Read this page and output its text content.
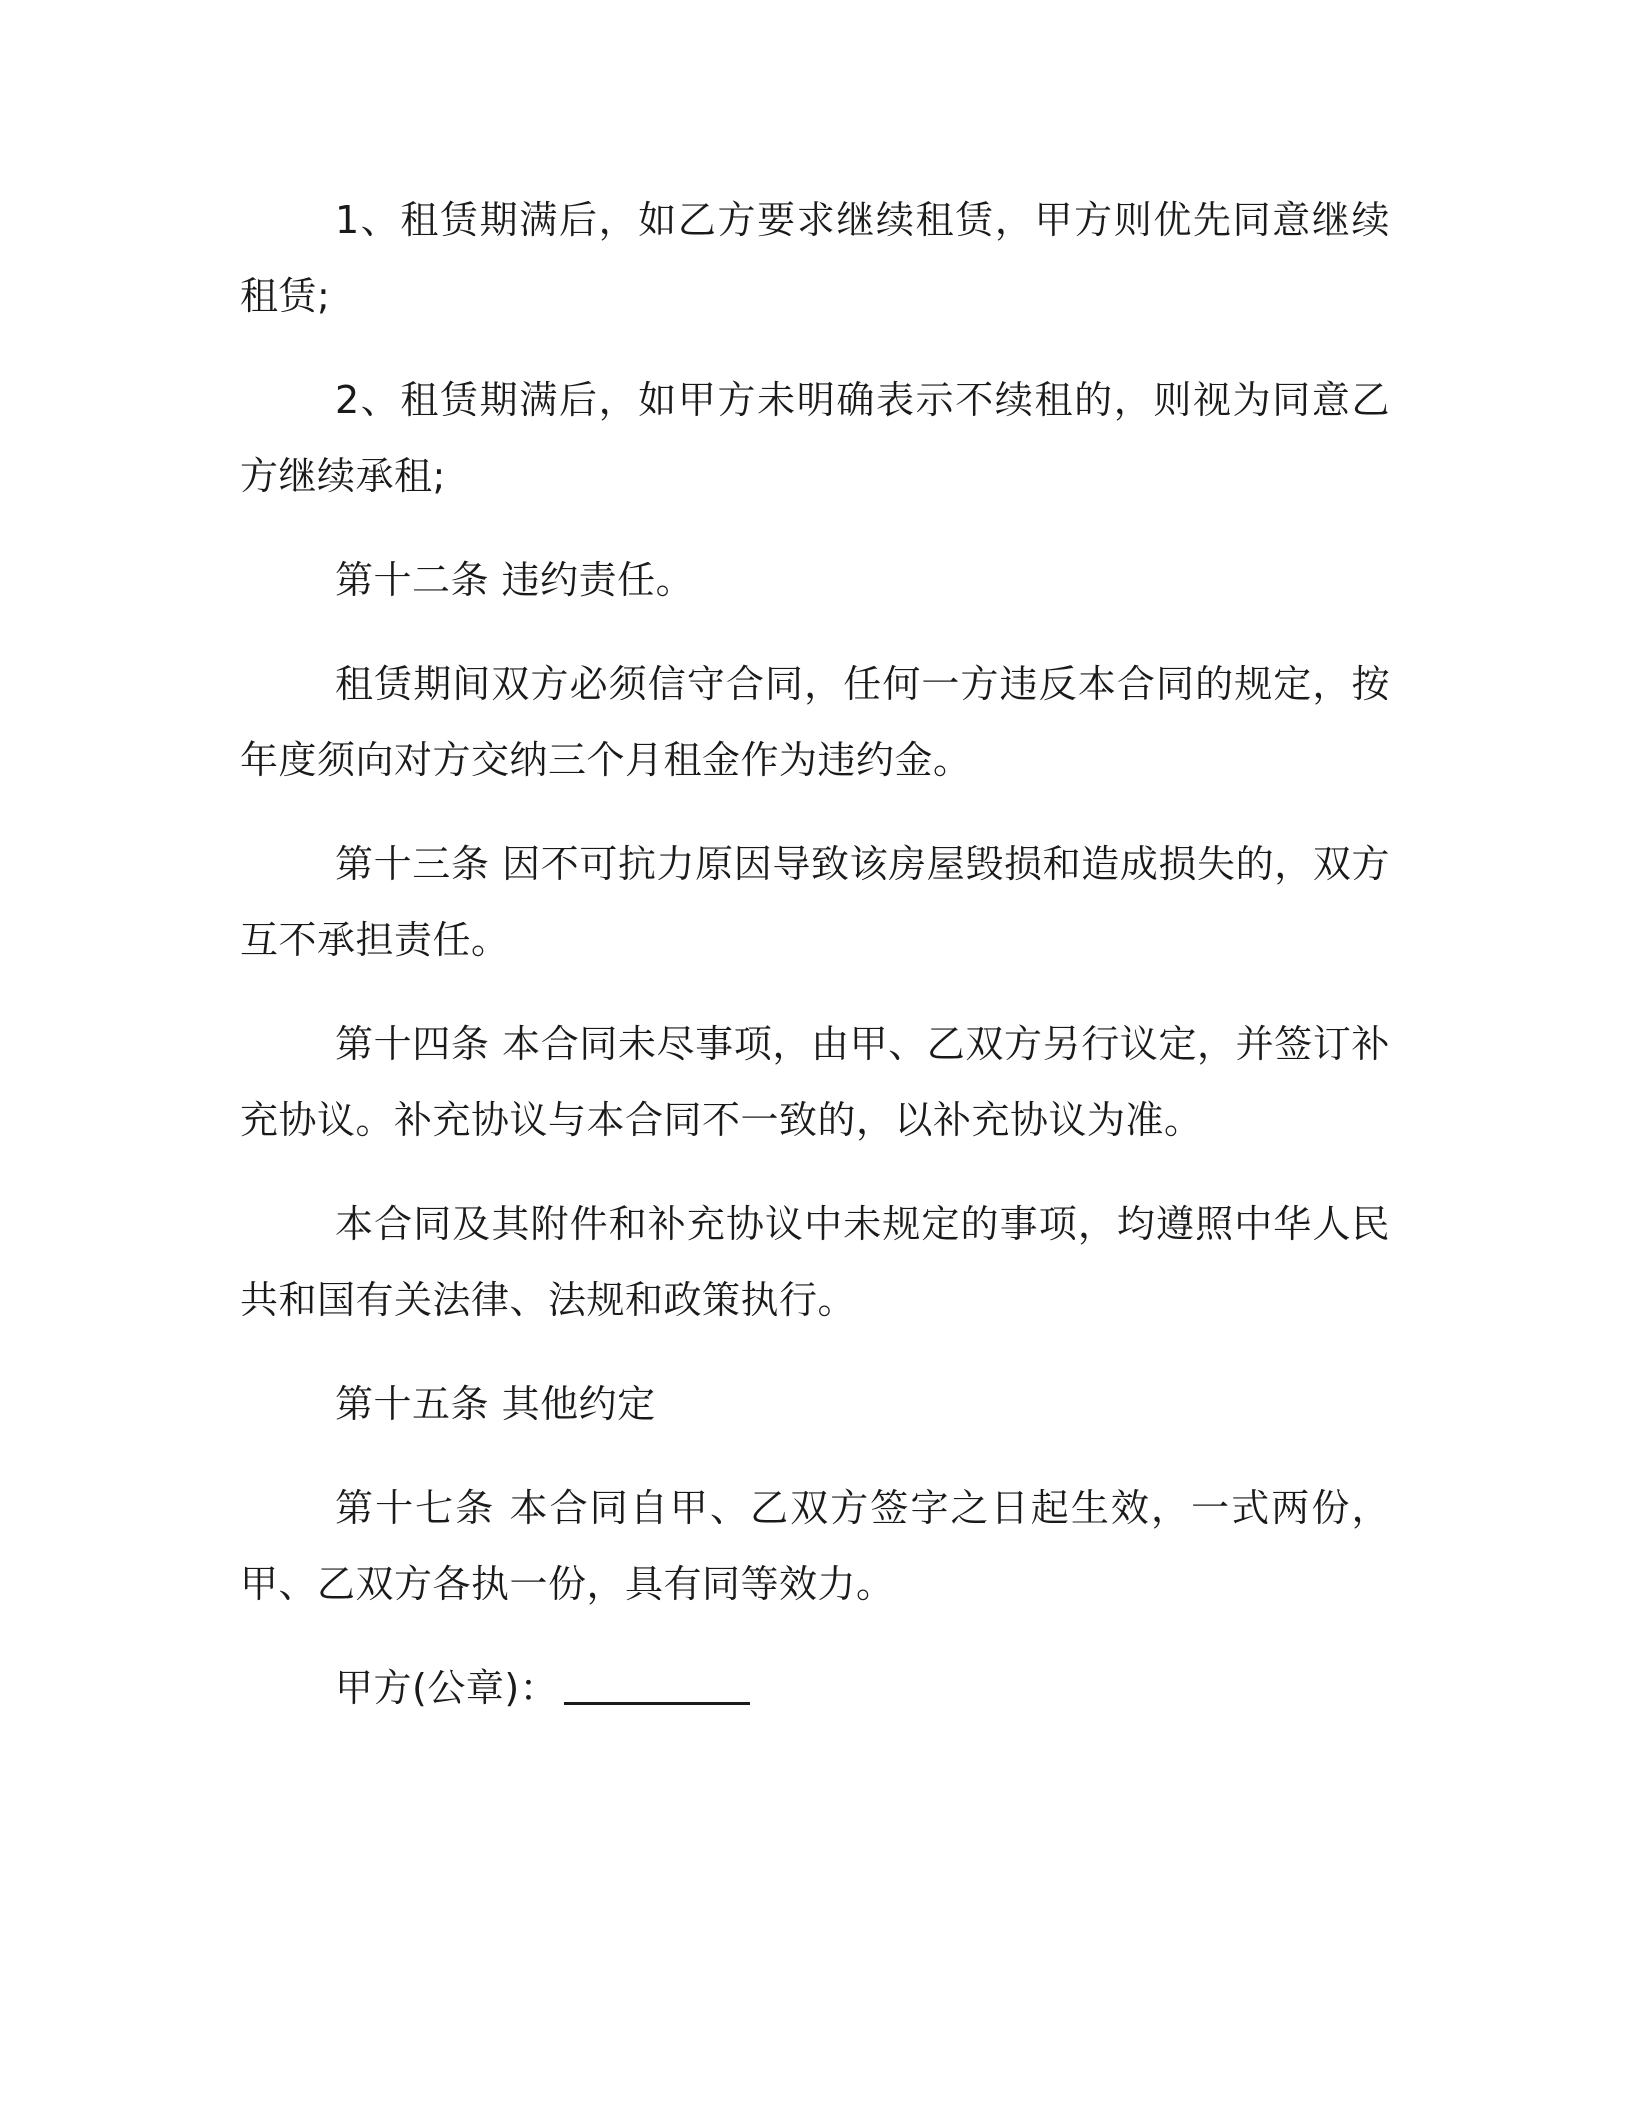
1、租赁期满后，如乙方要求继续租赁，甲方则优先同意继续租赁;

2、租赁期满后，如甲方未明确表示不续租的，则视为同意乙方继续承租;

第十二条 违约责任。

租赁期间双方必须信守合同，任何一方违反本合同的规定，按年度须向对方交纳三个月租金作为违约金。

第十三条 因不可抗力原因导致该房屋毁损和造成损失的，双方互不承担责任。

第十四条 本合同未尽事项，由甲、乙双方另行议定，并签订补充协议。补充协议与本合同不一致的，以补充协议为准。

本合同及其附件和补充协议中未规定的事项，均遵照中华人民共和国有关法律、法规和政策执行。

第十五条 其他约定

第十七条 本合同自甲、乙双方签字之日起生效，一式两份，甲、乙双方各执一份，具有同等效力。

甲方(公章)：
